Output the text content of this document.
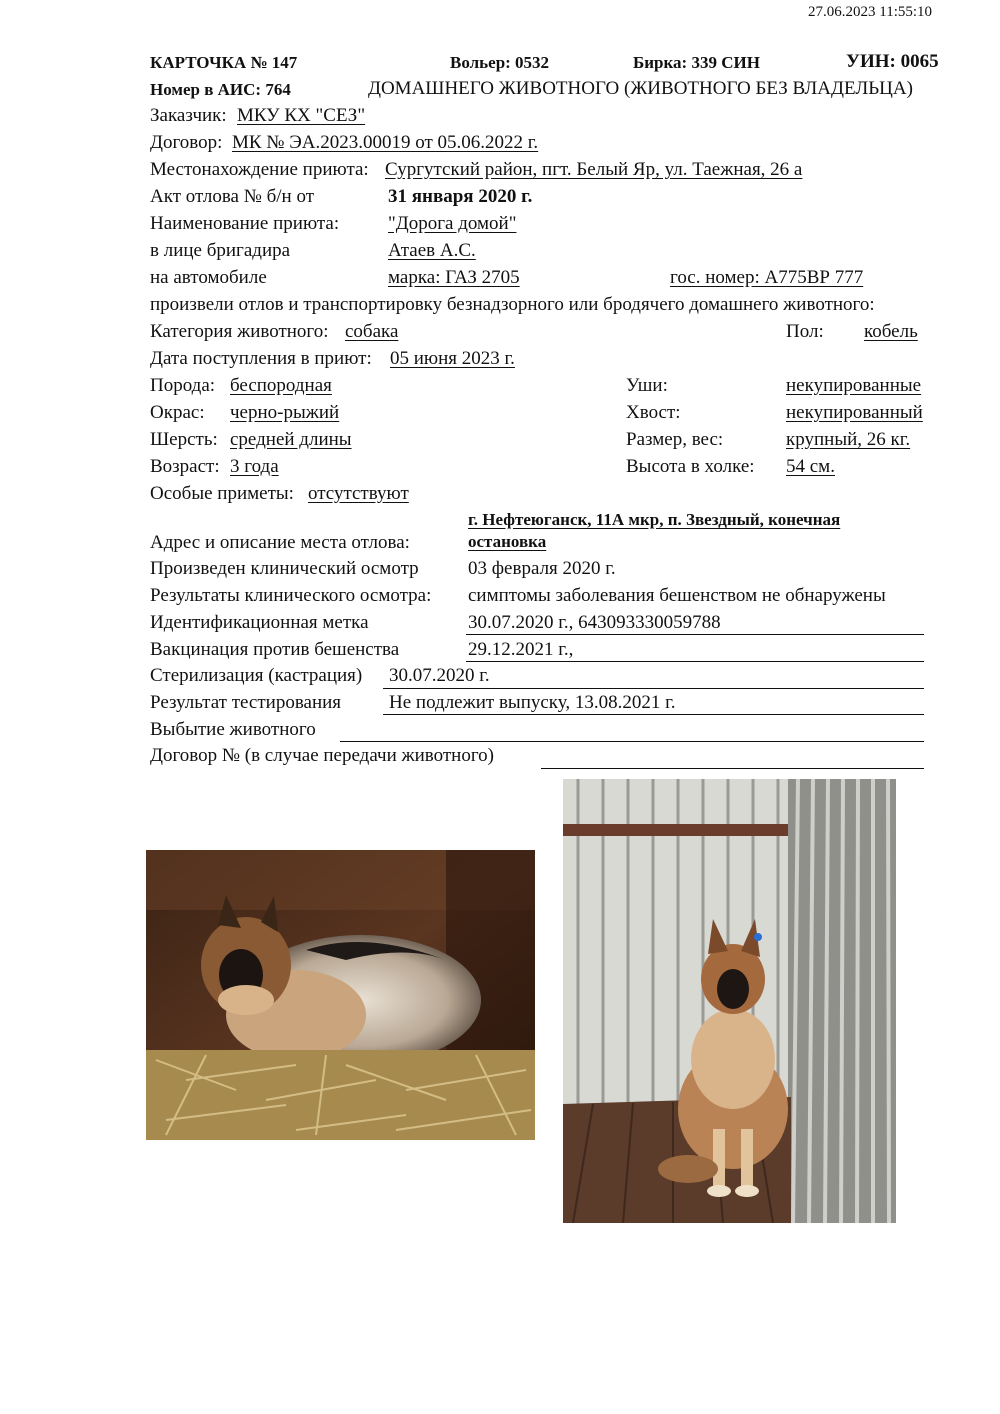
27.06.2023 11:55:10
КАРТОЧКА № 147	Вольер: 0532	Бирка: 339 СИН	УИН: 0065
Номер в АИС: 764	ДОМАШНЕГО ЖИВОТНОГО (ЖИВОТНОГО БЕЗ ВЛАДЕЛЬЦА)
Заказчик: МКУ КХ "СЕЗ"
Договор: МК № ЭА.2023.00019 от 05.06.2022 г.
Местонахождение приюта: Сургутский район, пгт. Белый Яр, ул. Таежная, 26 а
Акт отлова № б/н от	31 января 2020 г.
Наименование приюта:	"Дорога домой"
в лице бригадира	Атаев А.С.
на автомобиле	марка: ГАЗ 2705	гос. номер: А775ВР 777
произвели отлов и транспортировку безнадзорного или бродячего домашнего животного:
Категория животного: собака	Пол: кобель
Дата поступления в приют: 05 июня 2023 г.
Порода: беспородная	Уши:	некупированные
Окрас: черно-рыжий	Хвост:	некупированный
Шерсть: средней длины	Размер, вес:	крупный, 26 кг.
Возраст: 3 года	Высота в холке: 54 см.
Особые приметы: отсутствуют
г. Нефтеюганск, 11А мкр, п. Звездный, конечная
Адрес и описание места отлова:	остановка
Произведен клинический осмотр	03 февраля 2020 г.
Результаты клинического осмотра: симптомы заболевания бешенством не обнаружены
Идентификационная метка	30.07.2020 г., 643093330059788
Вакцинация против бешенства	29.12.2021 г.,
Стерилизация (кастрация) 30.07.2020 г.
Результат тестирования	Не подлежит выпуску, 13.08.2021 г.
Выбытие животного
Договор № (в случае передачи животного)
